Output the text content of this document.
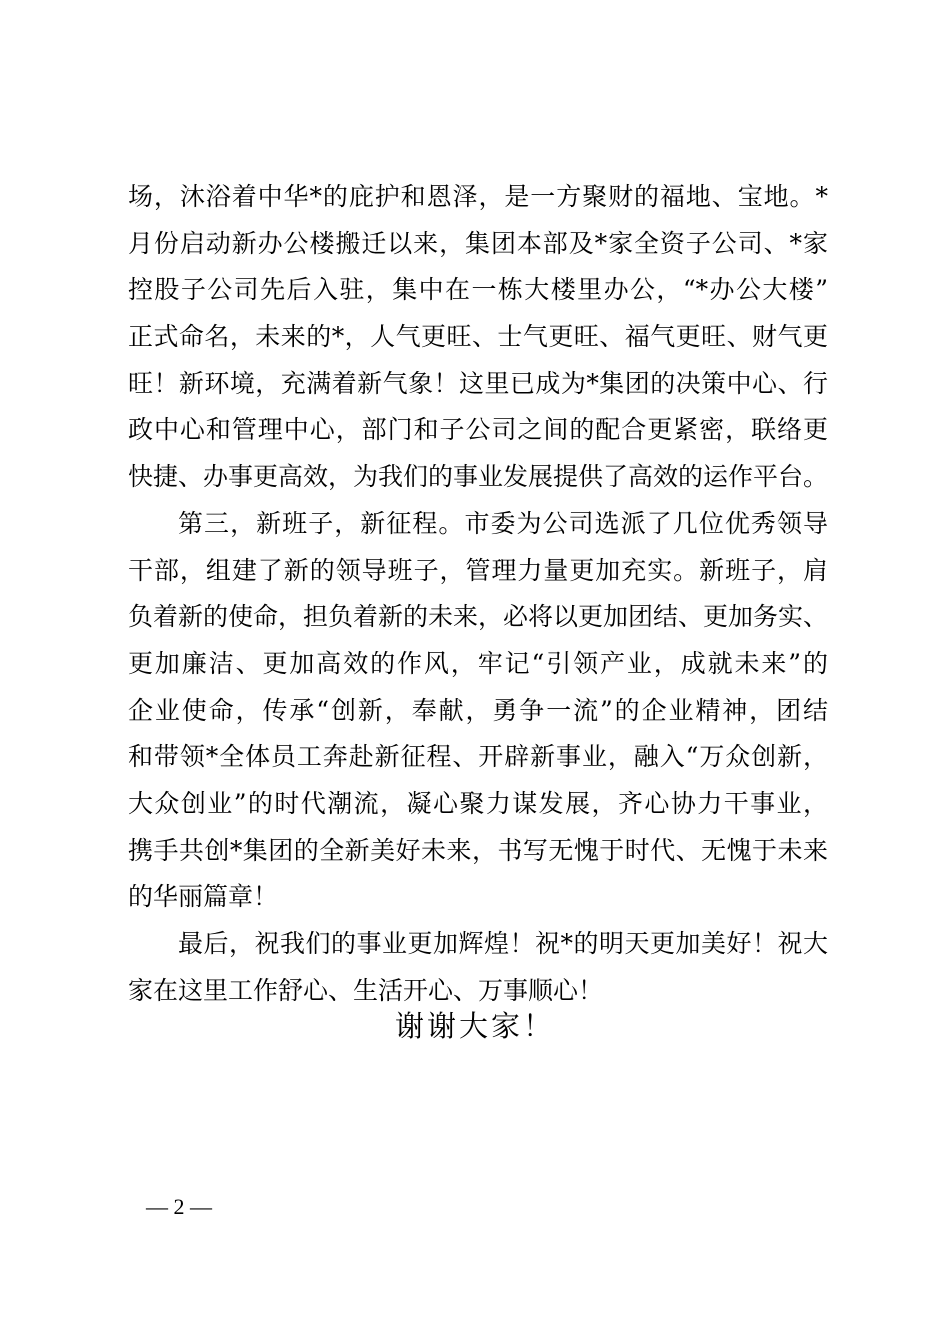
场，沐浴着中华*的庇护和恩泽，是一方聚财的福地、宝地。*
月份启动新办公楼搬迁以来，集团本部及*家全资子公司、*家
控股子公司先后入驻，集中在一栋大楼里办公，“*办公大楼”
正式命名，未来的*，人气更旺、士气更旺、福气更旺、财气更
旺！新环境，充满着新气象！这里已成为*集团的决策中心、行
政中心和管理中心，部门和子公司之间的配合更紧密，联络更
快捷、办事更高效，为我们的事业发展提供了高效的运作平台。
第三，新班子，新征程。市委为公司选派了几位优秀领导
干部，组建了新的领导班子，管理力量更加充实。新班子，肩
负着新的使命，担负着新的未来，必将以更加团结、更加务实、
更加廉洁、更加高效的作风，牢记“引领产业，成就未来”的
企业使命，传承“创新，奉献，勇争一流”的企业精神，团结
和带领*全体员工奔赴新征程、开辟新事业，融入“万众创新，
大众创业”的时代潮流，凝心聚力谋发展，齐心协力干事业，
携手共创*集团的全新美好未来，书写无愧于时代、无愧于未来
的华丽篇章！
最后，祝我们的事业更加辉煌！祝*的明天更加美好！祝大
家在这里工作舒心、生活开心、万事顺心！
谢谢大家！
— 2 —
